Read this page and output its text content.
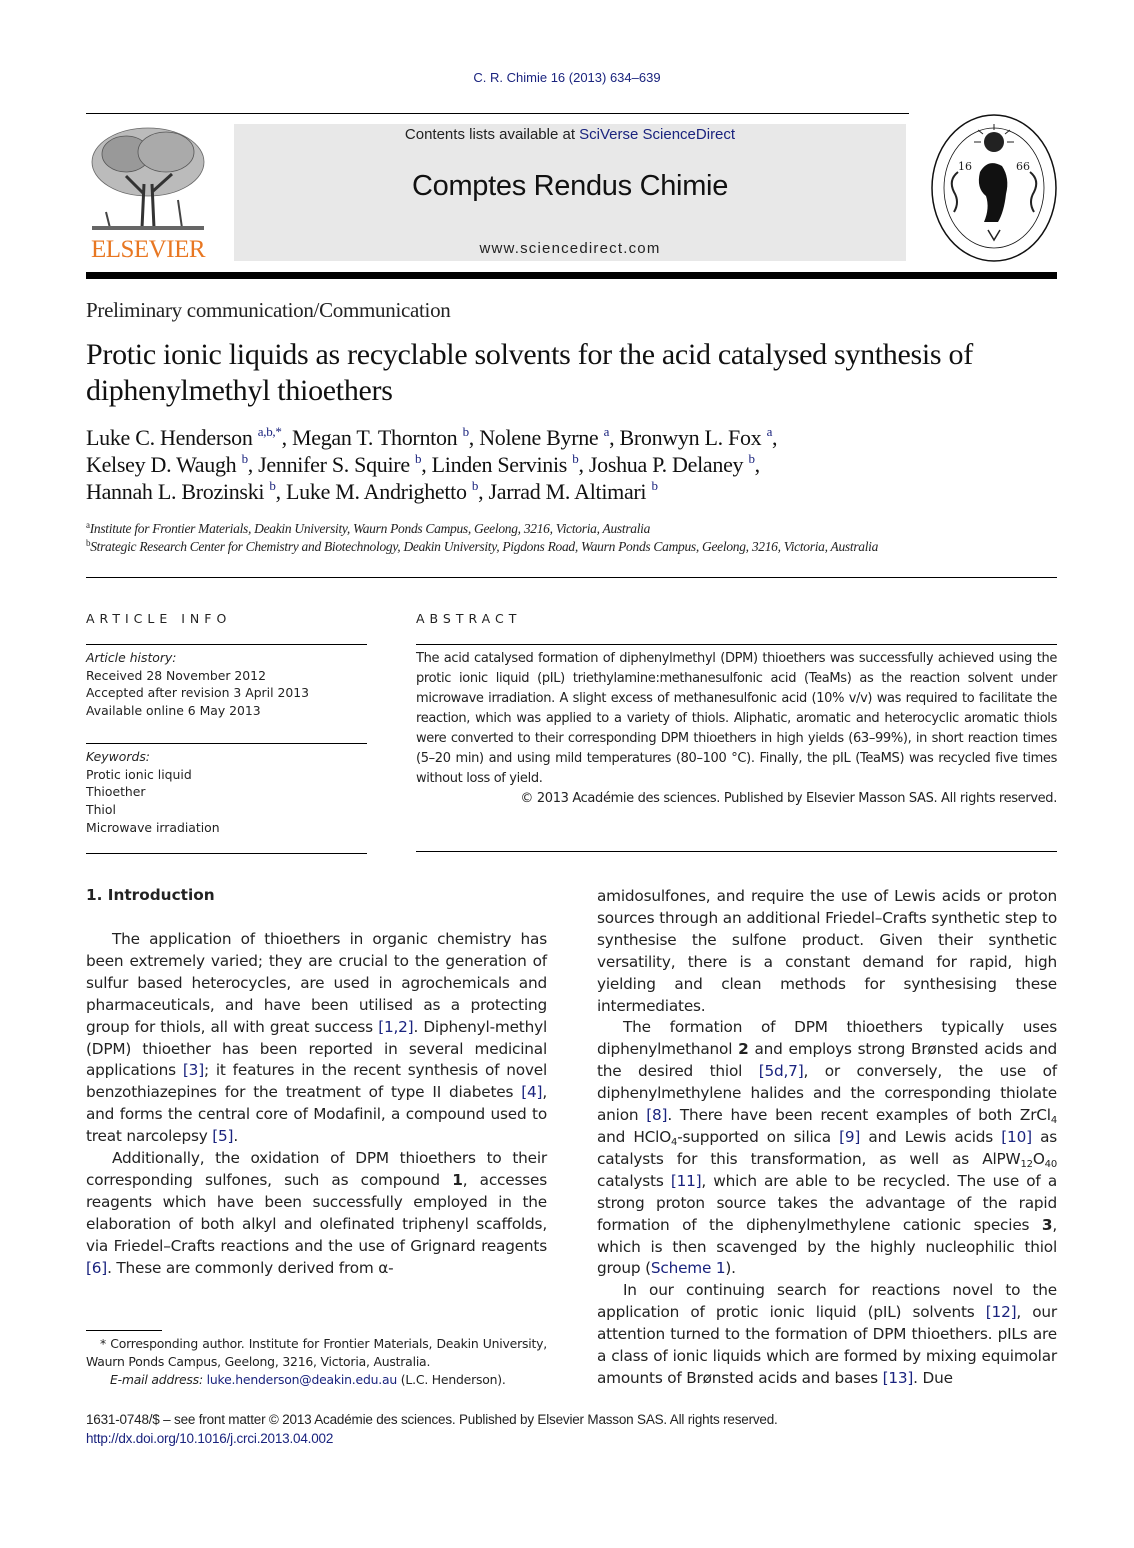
C. R. Chimie 16 (2013) 634–639
ELSEVIER
Contents lists available at SciVerse ScienceDirect
Comptes Rendus Chimie
www.sciencedirect.com
16	66
Preliminary communication/Communication
Protic ionic liquids as recyclable solvents for the acid catalysed synthesis of diphenylmethyl thioethers
Luke C. Henderson $^{a,b,*}$, Megan T. Thornton $^b$, Nolene Byrne $^a$, Bronwyn L. Fox $^a$,
Kelsey D. Waugh $^b$, Jennifer S. Squire $^b$, Linden Servinis $^b$, Joshua P. Delaney $^b$,
Hannah L. Brozinski $^b$, Luke M. Andrighetto $^b$, Jarrad M. Altimari $^b$
$^a$Institute for Frontier Materials, Deakin University, Waurn Ponds Campus, Geelong, 3216, Victoria, Australia
$^b$Strategic Research Center for Chemistry and Biotechnology, Deakin University, Pigdons Road, Waurn Ponds Campus, Geelong, 3216, Victoria, Australia
ARTICLE INFO
Article history:
Received 28 November 2012
Accepted after revision 3 April 2013
Available online 6 May 2013
Keywords:
Protic ionic liquid
Thioether
Thiol
Microwave irradiation
ABSTRACT
The acid catalysed formation of diphenylmethyl (DPM) thioethers was successfully achieved using the protic ionic liquid (pIL) triethylamine:methanesulfonic acid (TeaMs) as the reaction solvent under microwave irradiation. A slight excess of methanesulfonic acid (10% v/v) was required to facilitate the reaction, which was applied to a variety of thiols. Aliphatic, aromatic and heterocyclic aromatic thiols were converted to their corresponding DPM thioethers in high yields (63–99%), in short reaction times (5–20 min) and using mild temperatures (80–100 °C). Finally, the pIL (TeaMS) was recycled five times without loss of yield.
© 2013 Académie des sciences. Published by Elsevier Masson SAS. All rights reserved.
1. Introduction

The application of thioethers in organic chemistry has been extremely varied; they are crucial to the generation of sulfur based heterocycles, are used in agrochemicals and pharmaceuticals, and have been utilised as a protecting group for thiols, all with great success [1,2]. Diphenyl-methyl (DPM) thioether has been reported in several medicinal applications [3]; it features in the recent synthesis of novel benzothiazepines for the treatment of type II diabetes [4], and forms the central core of Modafinil, a compound used to treat narcolepsy [5].

Additionally, the oxidation of DPM thioethers to their corresponding sulfones, such as compound 1, accesses reagents which have been successfully employed in the elaboration of both alkyl and olefinated triphenyl scaffolds, via Friedel–Crafts reactions and the use of Grignard reagents [6]. These are commonly derived from α-

amidosulfones, and require the use of Lewis acids or proton sources through an additional Friedel–Crafts synthetic step to synthesise the sulfone product. Given their synthetic versatility, there is a constant demand for rapid, high yielding and clean methods for synthesising these intermediates.

The formation of DPM thioethers typically uses diphenylmethanol 2 and employs strong Brønsted acids and the desired thiol [5d,7], or conversely, the use of diphenylmethylene halides and the corresponding thiolate anion [8]. There have been recent examples of both ZrCl$_4$ and HClO$_4$-supported on silica [9] and Lewis acids [10] as catalysts for this transformation, as well as $AlPW_{12}O_{40}$ catalysts [11], which are able to be recycled. The use of a strong proton source takes the advantage of the rapid formation of the diphenylmethylene cationic species 3, which is then scavenged by the highly nucleophilic thiol group (Scheme 1).

In our continuing search for reactions novel to the application of protic ionic liquid (pIL) solvents [12], our attention turned to the formation of DPM thioethers. pILs are a class of ionic liquids which are formed by mixing equimolar amounts of Brønsted acids and bases [13]. Due

* Corresponding author. Institute for Frontier Materials, Deakin University, Waurn Ponds Campus, Geelong, 3216, Victoria, Australia.
E-mail address: luke.henderson@deakin.edu.au (L.C. Henderson).
1631-0748/$ – see front matter © 2013 Académie des sciences. Published by Elsevier Masson SAS. All rights reserved.
http://dx.doi.org/10.1016/j.crci.2013.04.002
